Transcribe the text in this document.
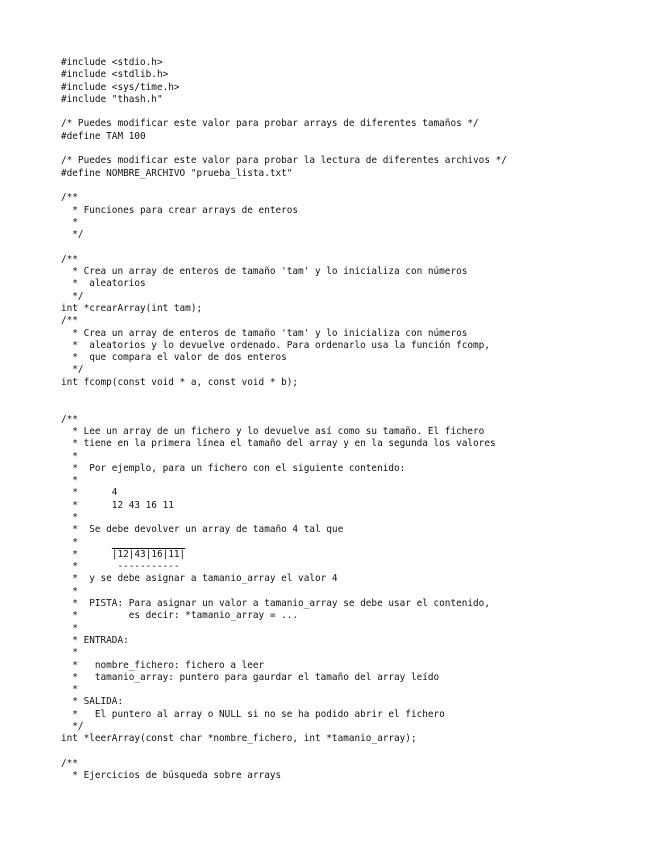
#include <stdio.h>
#include <stdlib.h>
#include <sys/time.h>
#include "thash.h"
/* Puedes modificar este valor para probar arrays de diferentes tamaños */
#define TAM 100
/* Puedes modificar este valor para probar la lectura de diferentes archivos */
#define NOMBRE_ARCHIVO "prueba_lista.txt"
/**
* Funciones para crear arrays de enteros
*
*/
/**
* Crea un array de enteros de tamaño 'tam' y lo inicializa con números
*  aleatorios
*/
int *crearArray(int tam);
/**
* Crea un array de enteros de tamaño 'tam' y lo inicializa con números
*  aleatorios y lo devuelve ordenado. Para ordenarlo usa la función fcomp,
*  que compara el valor de dos enteros
*/
int fcomp(const void * a, const void * b);
/**
* Lee un array de un fichero y lo devuelve así como su tamaño. El fichero
* tiene en la primera línea el tamaño del array y en la segunda los valores
*
*  Por ejemplo, para un fichero con el siguiente contenido:
*
*      4
*      12 43 16 11
*
*  Se debe devolver un array de tamaño 4 tal que
*
*      |12|43|16|11|
*       -----------
*  y se debe asignar a tamanio_array el valor 4
*
*  PISTA: Para asignar un valor a tamanio_array se debe usar el contenido,
*         es decir: *tamanio_array = ...
*
* ENTRADA:
*
*   nombre_fichero: fichero a leer
*   tamanio_array: puntero para gaurdar el tamaño del array leído
*
* SALIDA:
*   El puntero al array o NULL si no se ha podido abrir el fichero
*/
int *leerArray(const char *nombre_fichero, int *tamanio_array);
/**
* Ejercicios de búsqueda sobre arrays
